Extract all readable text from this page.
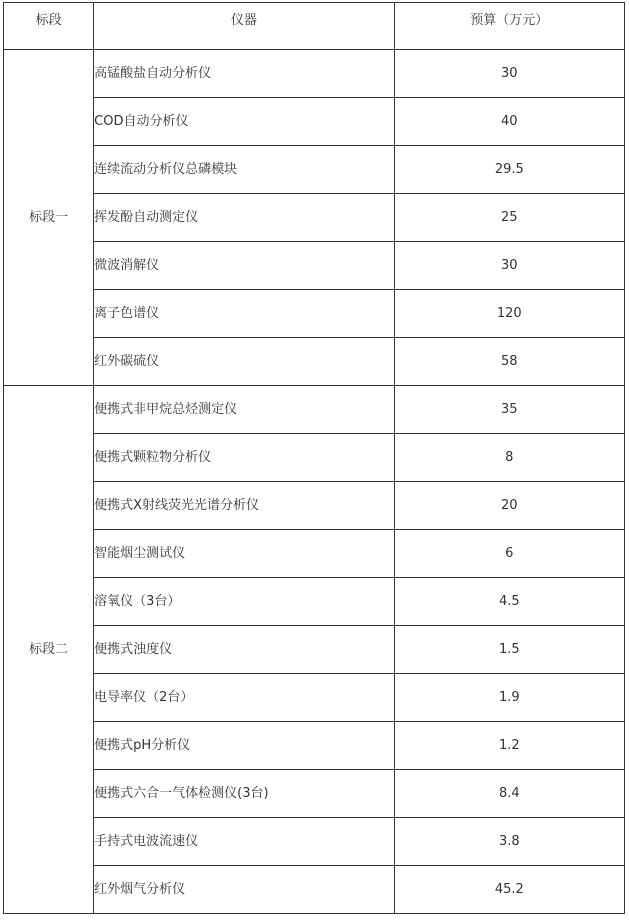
标段	仪器	预算（万元）
标段一	高锰酸盐自动分析仪	30
	COD自动分析仪	40
	连续流动分析仪总磷模块	29.5
	挥发酚自动测定仪	25
	微波消解仪	30
	离子色谱仪	120
	红外碳硫仪	58
标段二	便携式非甲烷总烃测定仪	35
	便携式颗粒物分析仪	8
	便携式X射线荧光光谱分析仪	20
	智能烟尘测试仪	6
	溶氧仪（3台）	4.5
	便携式浊度仪	1.5
	电导率仪（2台）	1.9
	便携式pH分析仪	1.2
	便携式六合一气体检测仪(3台)	8.4
	手持式电波流速仪	3.8
	红外烟气分析仪	45.2
